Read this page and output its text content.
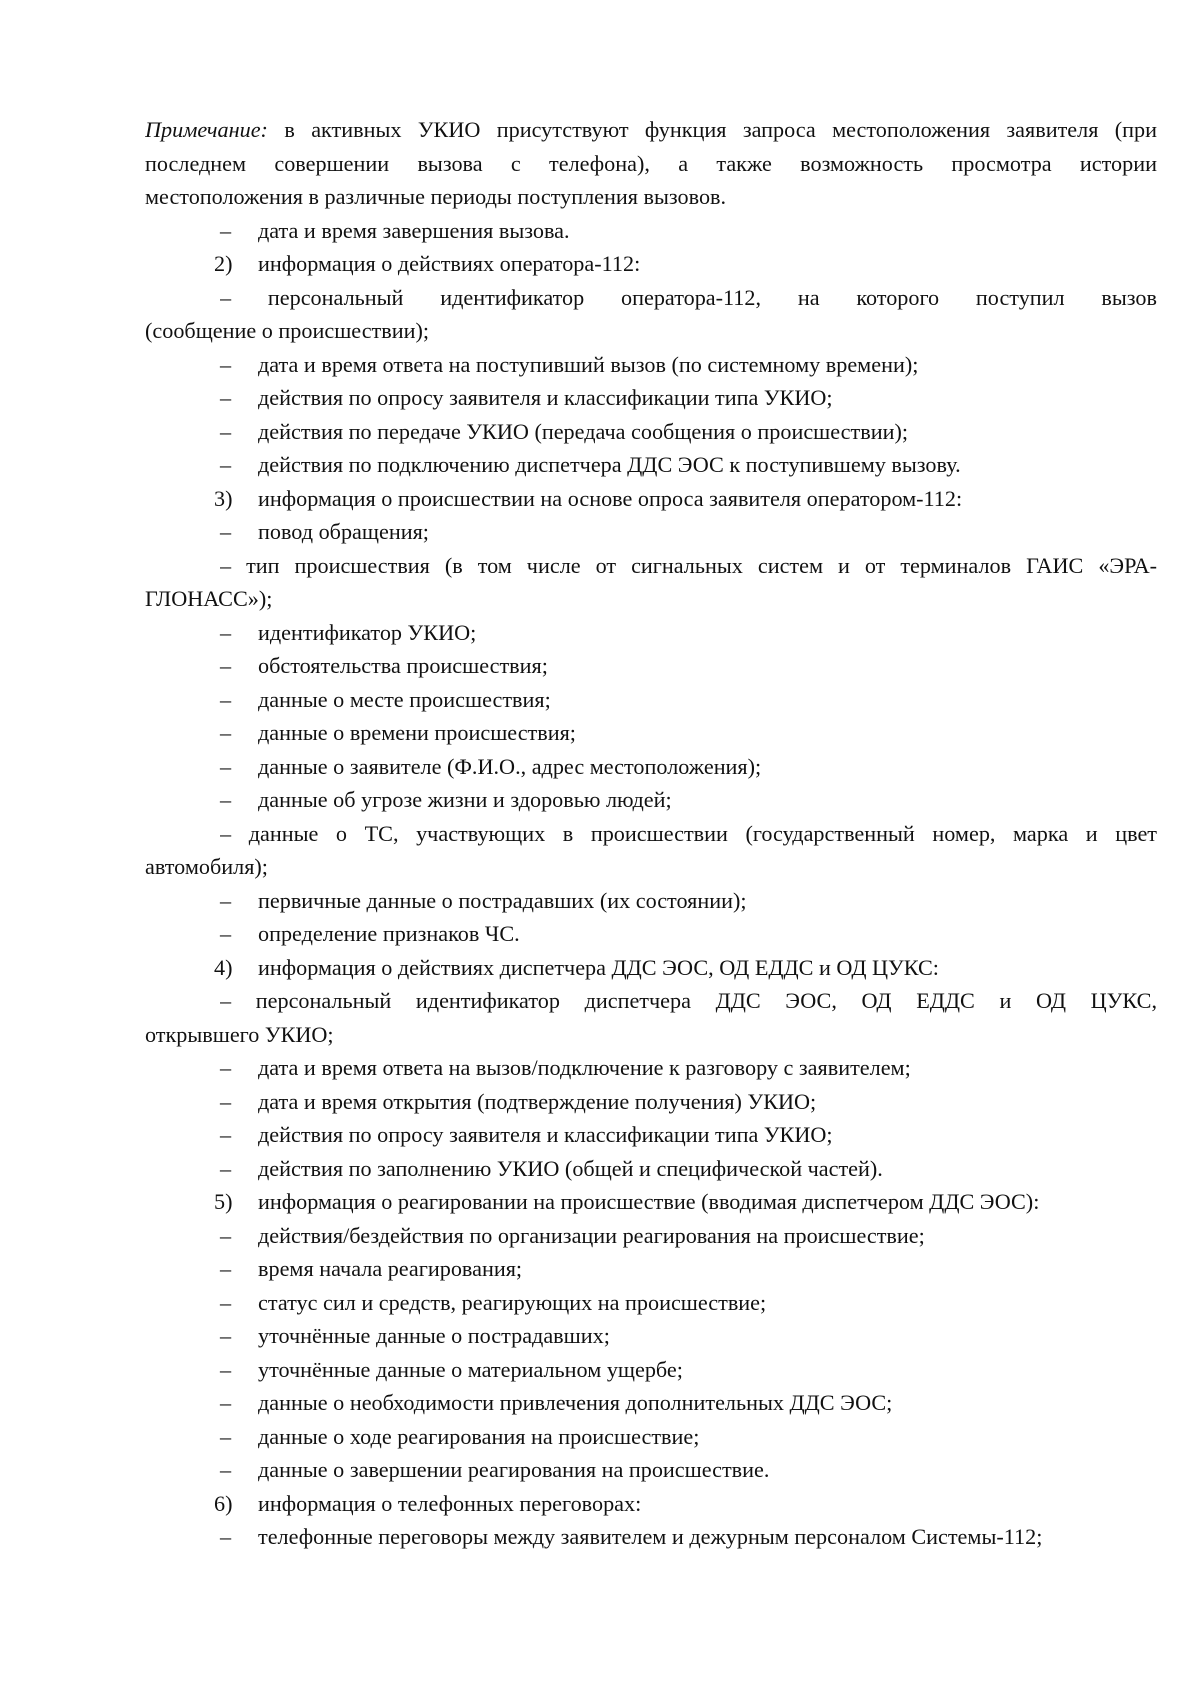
Примечание: в активных УКИО присутствуют функция запроса местоположения заявителя (при
последнем совершении вызова с телефона), а также возможность просмотра истории
местоположения в различные периоды поступления вызовов.
– дата и время завершения вызова.
2) информация о действиях оператора-112:
– персональный идентификатор оператора-112, на которого поступил вызов
(сообщение о происшествии);
– дата и время ответа на поступивший вызов (по системному времени);
– действия по опросу заявителя и классификации типа УКИО;
– действия по передаче УКИО (передача сообщения о происшествии);
– действия по подключению диспетчера ДДС ЭОС к поступившему вызову.
3) информация о происшествии на основе опроса заявителя оператором-112:
– повод обращения;
– тип происшествия (в том числе от сигнальных систем и от терминалов ГАИС «ЭРА-
ГЛОНАСС»);
– идентификатор УКИО;
– обстоятельства происшествия;
– данные о месте происшествия;
– данные о времени происшествия;
– данные о заявителе (Ф.И.О., адрес местоположения);
– данные об угрозе жизни и здоровью людей;
– данные о ТС, участвующих в происшествии (государственный номер, марка и цвет
автомобиля);
– первичные данные о пострадавших (их состоянии);
– определение признаков ЧС.
4) информация о действиях диспетчера ДДС ЭОС, ОД ЕДДС и ОД ЦУКС:
– персональный идентификатор диспетчера ДДС ЭОС, ОД ЕДДС и ОД ЦУКС,
открывшего УКИО;
– дата и время ответа на вызов/подключение к разговору с заявителем;
– дата и время открытия (подтверждение получения) УКИО;
– действия по опросу заявителя и классификации типа УКИО;
– действия по заполнению УКИО (общей и специфической частей).
5) информация о реагировании на происшествие (вводимая диспетчером ДДС ЭОС):
– действия/бездействия по организации реагирования на происшествие;
– время начала реагирования;
– статус сил и средств, реагирующих на происшествие;
– уточнённые данные о пострадавших;
– уточнённые данные о материальном ущербе;
– данные о необходимости привлечения дополнительных ДДС ЭОС;
– данные о ходе реагирования на происшествие;
– данные о завершении реагирования на происшествие.
6) информация о телефонных переговорах:
– телефонные переговоры между заявителем и дежурным персоналом Системы-112;
